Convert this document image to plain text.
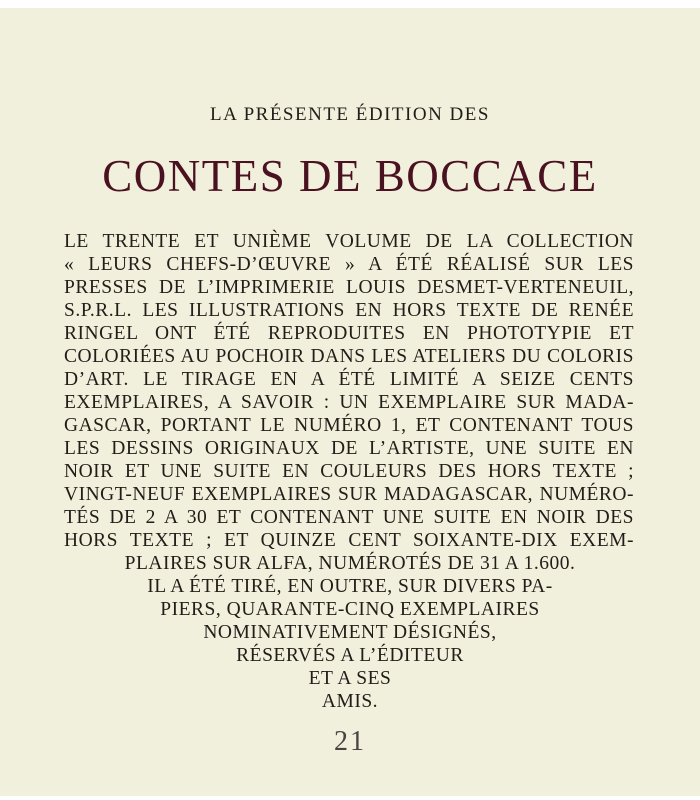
LA PRÉSENTE ÉDITION DES
CONTES DE BOCCACE
LE TRENTE ET UNIÈME VOLUME DE LA COLLECTION
« LEURS CHEFS-D’ŒUVRE » A ÉTÉ RÉALISÉ SUR LES
PRESSES DE L’IMPRIMERIE LOUIS DESMET-VERTENEUIL,
S.P.R.L. LES ILLUSTRATIONS EN HORS TEXTE DE RENÉE
RINGEL ONT ÉTÉ REPRODUITES EN PHOTOTYPIE ET
COLORIÉES AU POCHOIR DANS LES ATELIERS DU COLORIS
D’ART. LE TIRAGE EN A ÉTÉ LIMITÉ A SEIZE CENTS
EXEMPLAIRES, A SAVOIR : UN EXEMPLAIRE SUR MADA-
GASCAR, PORTANT LE NUMÉRO 1, ET CONTENANT TOUS
LES DESSINS ORIGINAUX DE L’ARTISTE, UNE SUITE EN
NOIR ET UNE SUITE EN COULEURS DES HORS TEXTE ;
VINGT-NEUF EXEMPLAIRES SUR MADAGASCAR, NUMÉRO-
TÉS DE 2 A 30 ET CONTENANT UNE SUITE EN NOIR DES
HORS TEXTE ; ET QUINZE CENT SOIXANTE-DIX EXEM-
PLAIRES SUR ALFA, NUMÉROTÉS DE 31 A 1.600.
IL A ÉTÉ TIRÉ, EN OUTRE, SUR DIVERS PA-
PIERS, QUARANTE-CINQ EXEMPLAIRES
NOMINATIVEMENT DÉSIGNÉS,
RÉSERVÉS A L’ÉDITEUR
ET A SES
AMIS.
21
